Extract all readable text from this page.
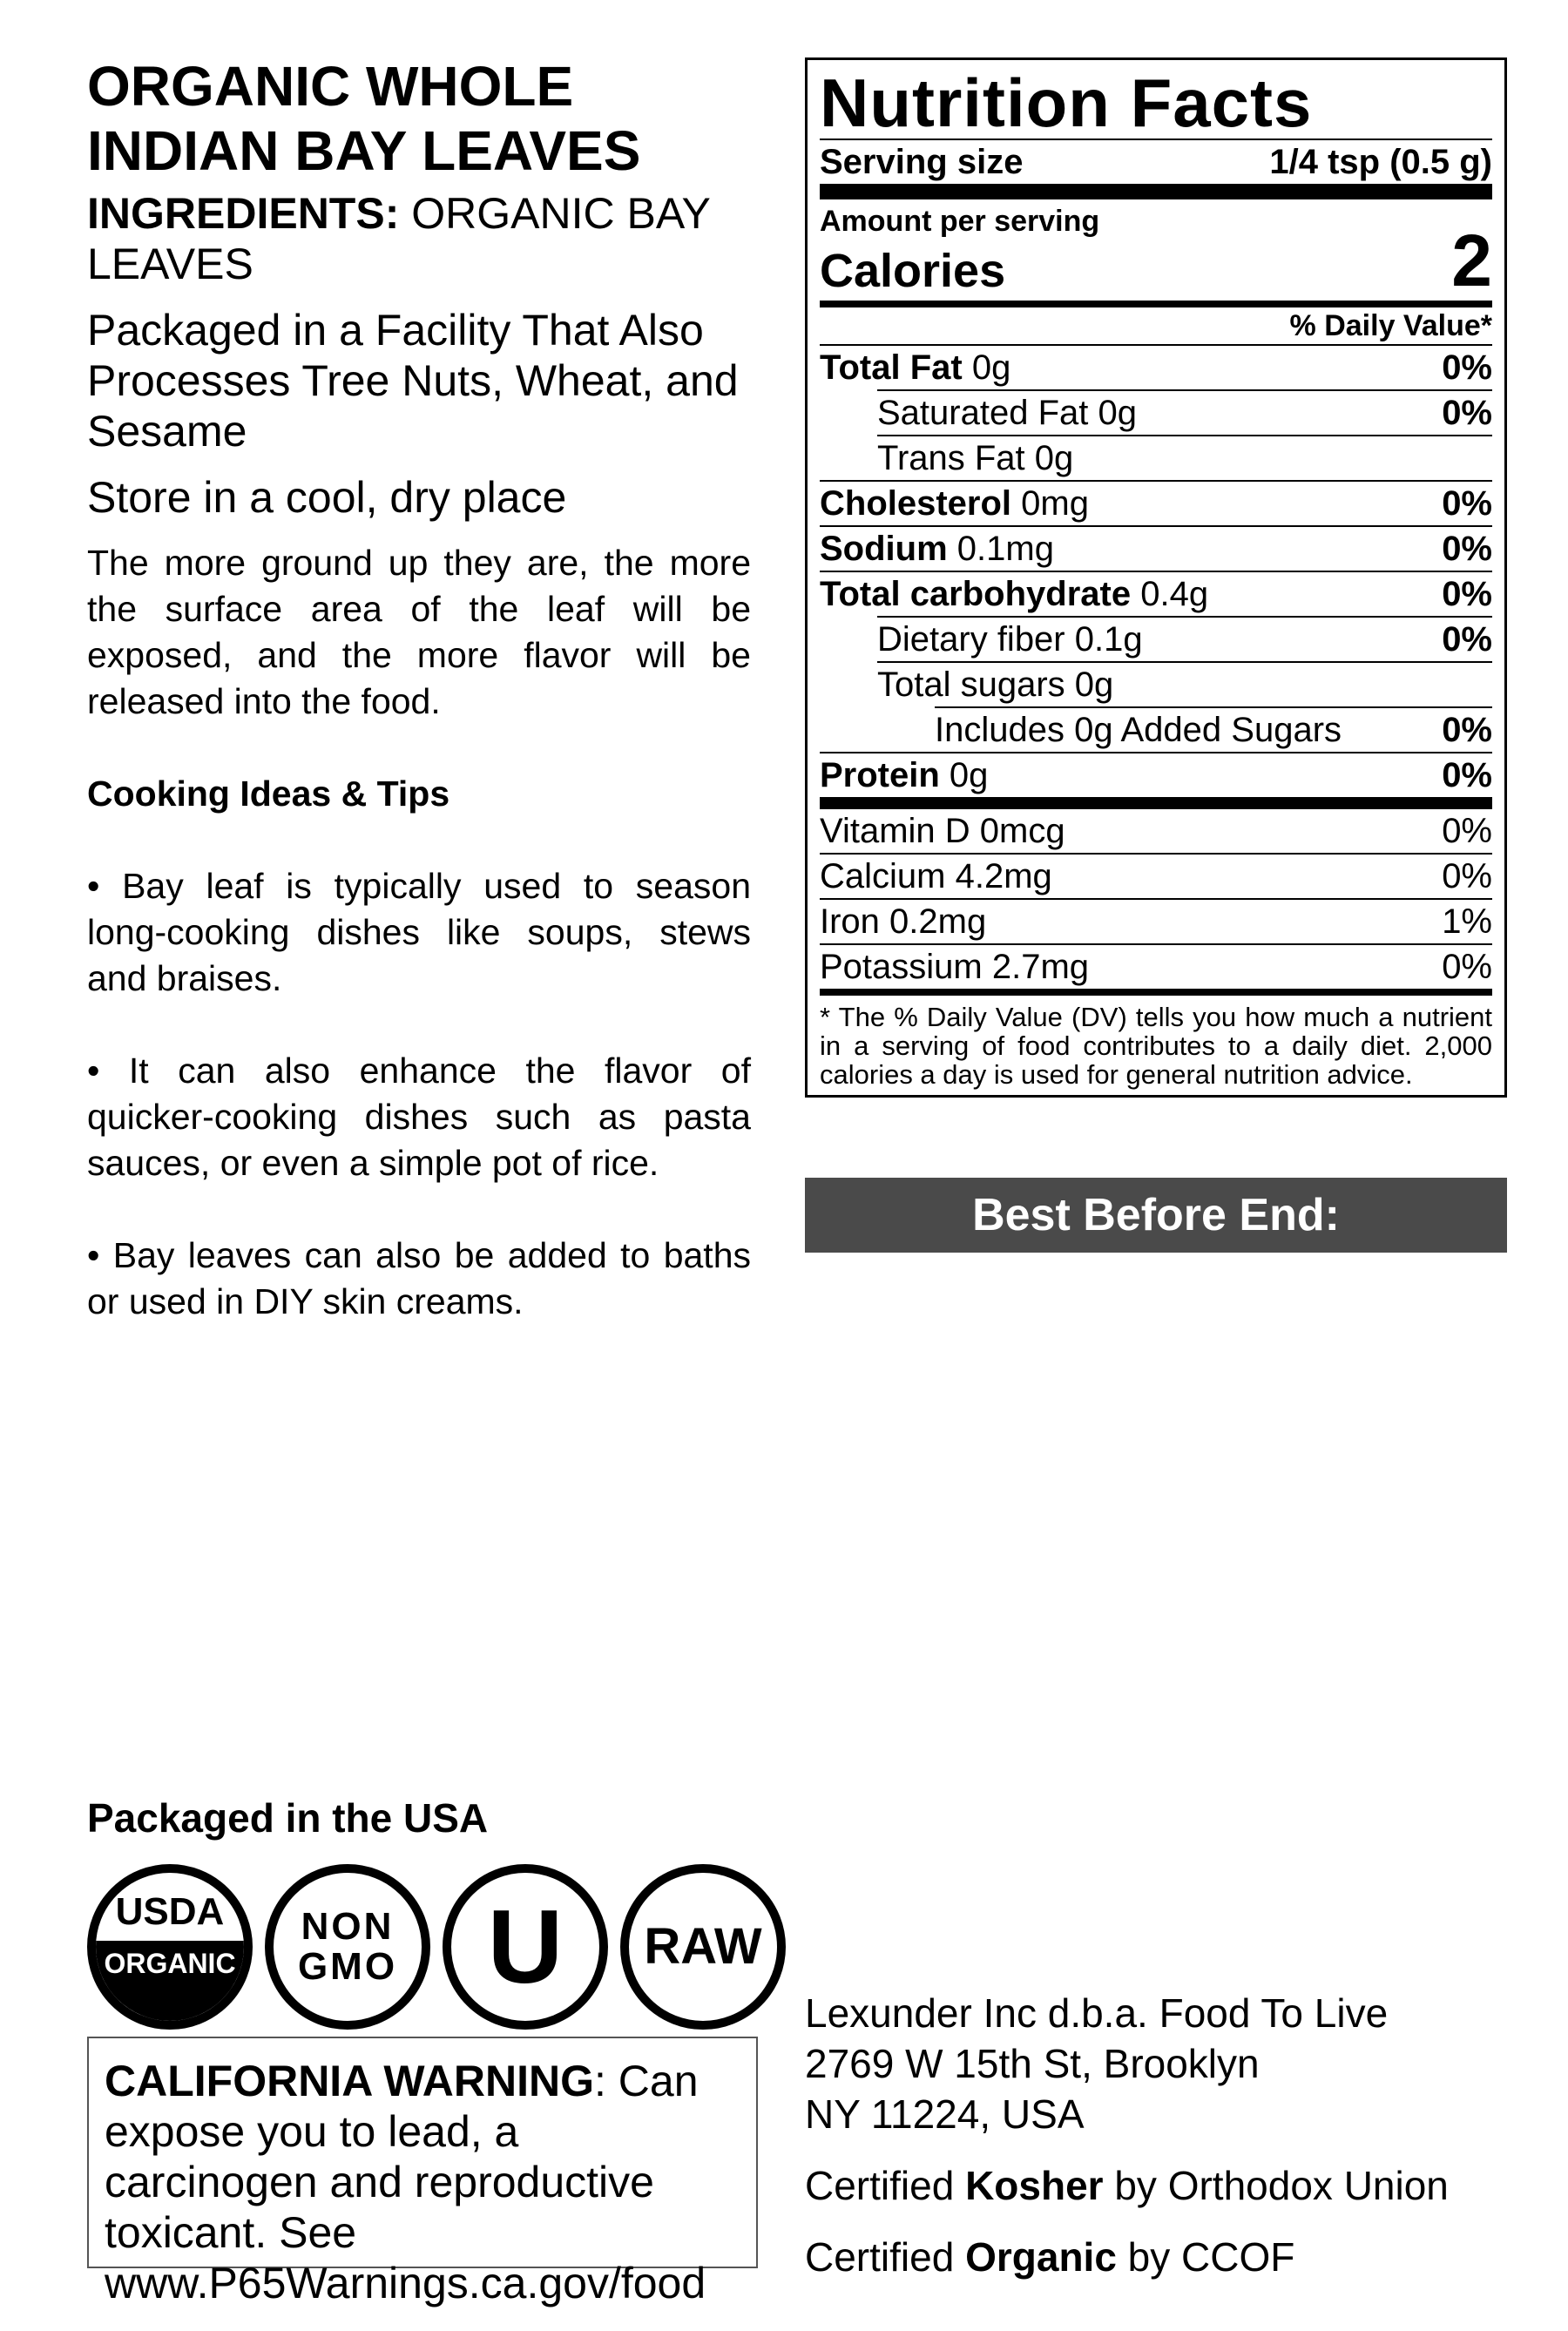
ORGANIC WHOLE
INDIAN BAY LEAVES
INGREDIENTS: ORGANIC BAY LEAVES
Packaged in a Facility That Also Processes Tree Nuts, Wheat, and Sesame
Store in a cool, dry place
The more ground up they are, the more the surface area of the leaf will be exposed, and the more flavor will be released into the food.
Cooking Ideas & Tips
• Bay leaf is typically used to season long-cooking dishes like soups, stews and braises.
• It can also enhance the flavor of quicker-cooking dishes such as pasta sauces, or even a simple pot of rice.
• Bay leaves can also be added to baths or used in DIY skin creams.
Nutrition Facts
Serving size	1/4 tsp (0.5 g)
Amount per serving
Calories	2
% Daily Value*
Total Fat 0g	0%
Saturated Fat 0g	0%
Trans Fat 0g
Cholesterol 0mg	0%
Sodium 0.1mg	0%
Total carbohydrate 0.4g	0%
Dietary fiber 0.1g	0%
Total sugars 0g
Includes 0g Added Sugars	0%
Protein 0g	0%
Vitamin D 0mcg	0%
Calcium 4.2mg	0%
Iron 0.2mg	1%
Potassium 2.7mg	0%
* The % Daily Value (DV) tells you how much a nutrient in a serving of food contributes to a daily diet. 2,000 calories a day is used for general nutrition advice.
Best Before End:
Packaged in the USA
USDA
ORGANIC
NON
GMO U RAW
CALIFORNIA WARNING: Can expose you to lead, a carcinogen and reproductive toxicant. See www.P65Warnings.ca.gov/food
Lexunder Inc d.b.a. Food To Live
2769 W 15th St, Brooklyn
NY 11224, USA
Certified Kosher by Orthodox Union
Certified Organic by CCOF
